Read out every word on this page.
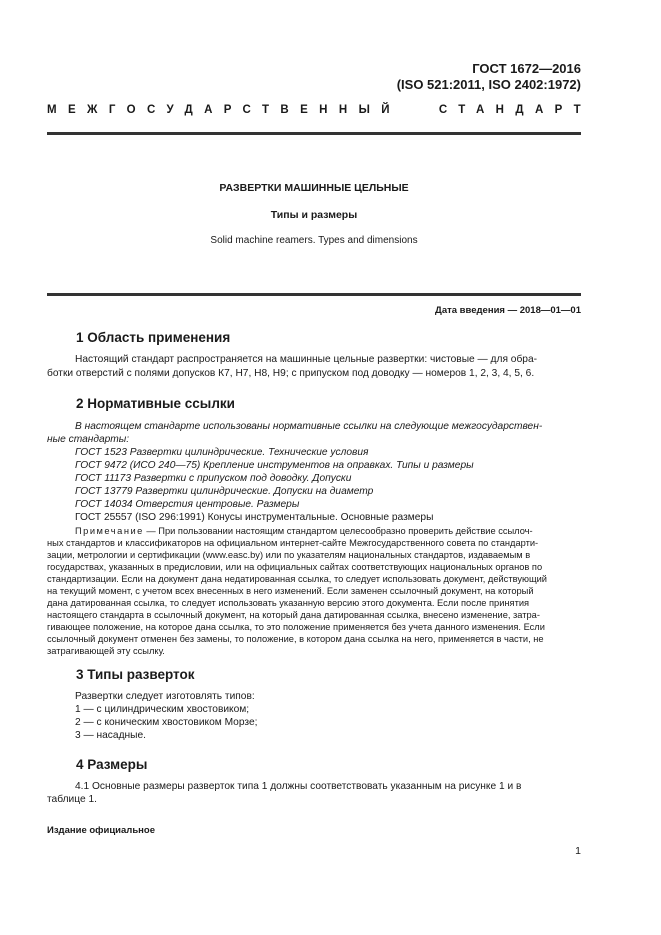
ГОСТ 1672—2016
(ISO 521:2011, ISO 2402:1972)
МЕЖГОСУДАРСТВЕННЫЙ	СТАНДАРТ
РАЗВЕРТКИ МАШИННЫЕ ЦЕЛЬНЫЕ
Типы и размеры
Solid machine reamers. Types and dimensions
Дата введения — 2018—01—01
1 Область применения
Настоящий стандарт распространяется на машинные цельные развертки: чистовые — для обра-
ботки отверстий с полями допусков К7, Н7, Н8, Н9; с припуском под доводку — номеров 1, 2, 3, 4, 5, 6.
2 Нормативные ссылки
В настоящем стандарте использованы нормативные ссылки на следующие межгосударствен-
ные стандарты:
ГОСТ 1523 Развертки цилиндрические. Технические условия
ГОСТ 9472 (ИСО 240—75) Крепление инструментов на оправках. Типы и размеры
ГОСТ 11173 Развертки с припуском под доводку. Допуски
ГОСТ 13779 Развертки цилиндрические. Допуски на диаметр
ГОСТ 14034 Отверстия центровые. Размеры
ГОСТ 25557 (ISO 296:1991) Конусы инструментальные. Основные размеры
Примечание — При пользовании настоящим стандартом целесообразно проверить действие ссылоч-
ных стандартов и классификаторов на официальном интернет-сайте Межгосударственного совета по стандарти-
зации, метрологии и сертификации (www.easc.by) или по указателям национальных стандартов, издаваемым в
государствах, указанных в предисловии, или на официальных сайтах соответствующих национальных органов по
стандартизации. Если на документ дана недатированная ссылка, то следует использовать документ, действующий
на текущий момент, с учетом всех внесенных в него изменений. Если заменен ссылочный документ, на который
дана датированная ссылка, то следует использовать указанную версию этого документа. Если после принятия
настоящего стандарта в ссылочный документ, на который дана датированная ссылка, внесено изменение, затра-
гивающее положение, на которое дана ссылка, то это положение применяется без учета данного изменения. Если
ссылочный документ отменен без замены, то положение, в котором дана ссылка на него, применяется в части, не
затрагивающей эту ссылку.
3 Типы разверток
Развертки следует изготовлять типов:
1 — с цилиндрическим хвостовиком;
2 — с коническим хвостовиком Морзе;
3 — насадные.
4 Размеры
4.1 Основные размеры разверток типа 1 должны соответствовать указанным на рисунке 1 и в
таблице 1.
Издание официальное
1
